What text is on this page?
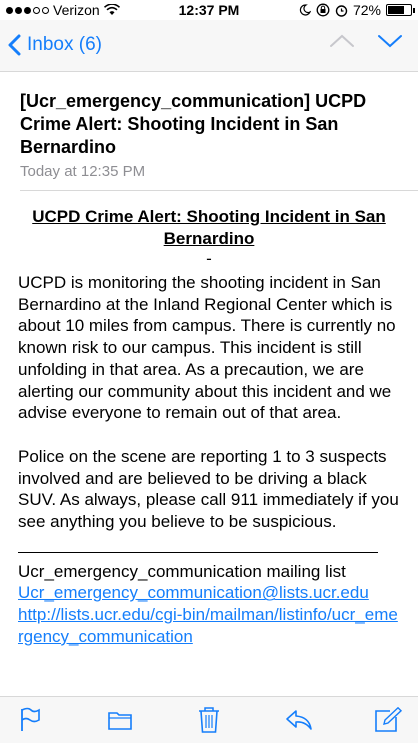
Verizon	12:37 PM	72%
Inbox (6)
[Ucr_emergency_communication] UCPD Crime Alert: Shooting Incident in San Bernardino
Today at 12:35 PM
UCPD Crime Alert: Shooting Incident in San Bernardino
-
UCPD is monitoring the shooting incident in San Bernardino at the Inland Regional Center which is about 10 miles from campus. There is currently no known risk to our campus. This incident is still unfolding in that area. As a precaution, we are alerting our community about this incident and we advise everyone to remain out of that area.
Police on the scene are reporting 1 to 3 suspects involved and are believed to be driving a black SUV. As always, please call 911 immediately if you see anything you believe to be suspicious.
Ucr_emergency_communication mailing list
Ucr_emergency_communication@lists.ucr.edu
http://lists.ucr.edu/cgi-bin/mailman/listinfo/ucr_emergency_communication
